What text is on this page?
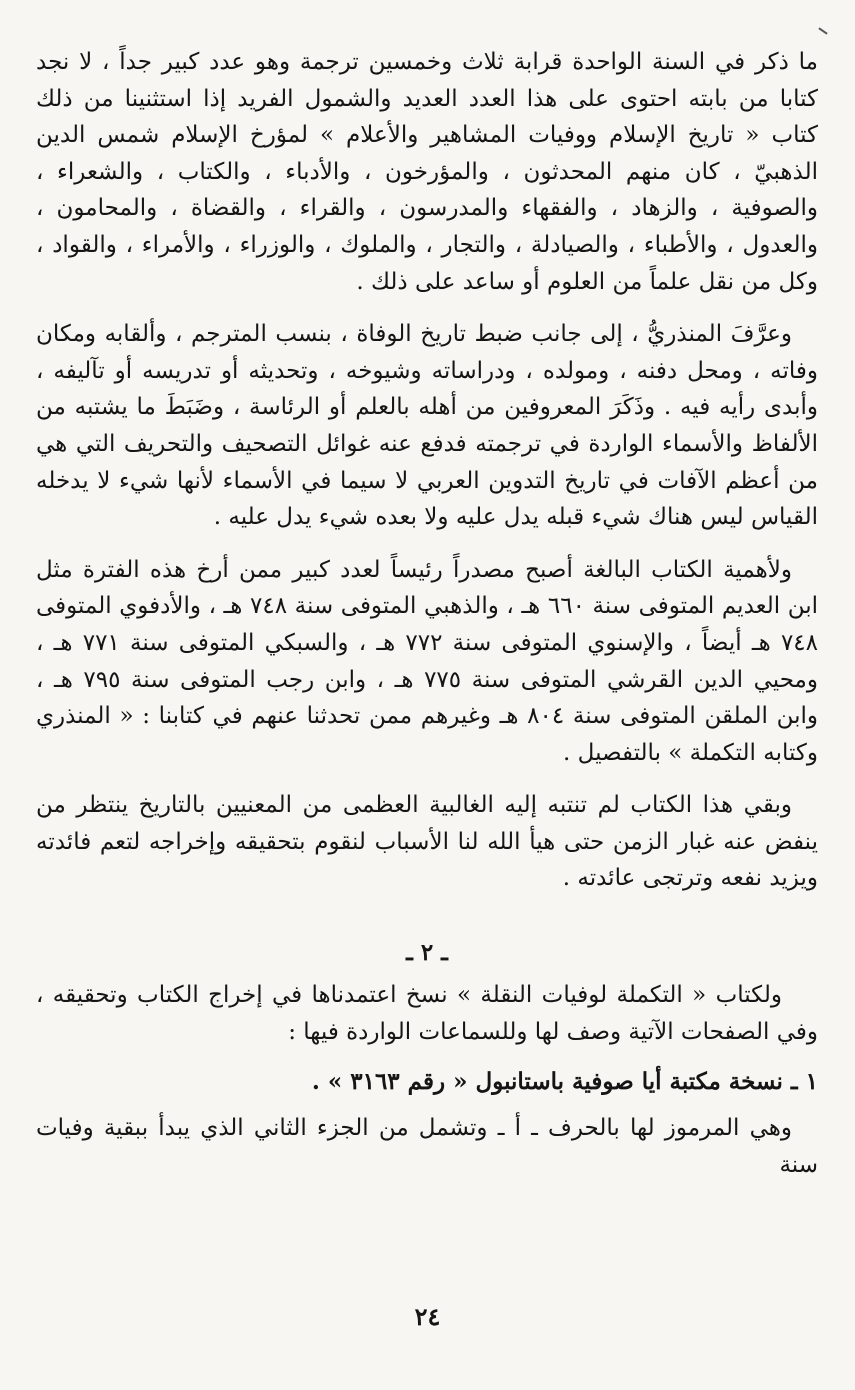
ما ذكر في السنة الواحدة قرابة ثلاث وخمسين ترجمة وهو عدد كبير جداً ، لا نجد كتابا من بابته احتوى على هذا العدد العديد والشمول الفريد إذا استثنينا من ذلك كتاب « تاريخ الإسلام ووفيات المشاهير والأعلام » لمؤرخ الإسلام شمس الدين الذهبيّ ، كان منهم المحدثون ، والمؤرخون ، والأدباء ، والكتاب ، والشعراء ، والصوفية ، والزهاد ، والفقهاء والمدرسون ، والقراء ، والقضاة ، والمحامون ، والعدول ، والأطباء ، والصيادلة ، والتجار ، والملوك ، والوزراء ، والأمراء ، والقواد ، وكل من نقل علماً من العلوم أو ساعد على ذلك .

وعرَّفَ المنذريُّ ، إلى جانب ضبط تاريخ الوفاة ، بنسب المترجم ، وألقابه ومكان وفاته ، ومحل دفنه ، ومولده ، ودراساته وشيوخه ، وتحديثه أو تدريسه أو تآليفه ، وأبدى رأيه فيه . وذَكَرَ المعروفين من أهله بالعلم أو الرئاسة ، وضَبَطَ ما يشتبه من الألفاظ والأسماء الواردة في ترجمته فدفع عنه غوائل التصحيف والتحريف التي هي من أعظم الآفات في تاريخ التدوين العربي لا سيما في الأسماء لأنها شيء لا يدخله القياس ليس هناك شيء قبله يدل عليه ولا بعده شيء يدل عليه .

ولأهمية الكتاب البالغة أصبح مصدراً رئيساً لعدد كبير ممن أرخ هذه الفترة مثل ابن العديم المتوفى سنة ٦٦٠ هـ ، والذهبي المتوفى سنة ٧٤٨ هـ ، والأدفوي المتوفى ٧٤٨ هـ أيضاً ، والإسنوي المتوفى سنة ٧٧٢ هـ ، والسبكي المتوفى سنة ٧٧١ هـ ، ومحيي الدين القرشي المتوفى سنة ٧٧٥ هـ ، وابن رجب المتوفى سنة ٧٩٥ هـ ، وابن الملقن المتوفى سنة ٨٠٤ هـ وغيرهم ممن تحدثنا عنهم في كتابنا : « المنذري وكتابه التكملة » بالتفصيل .

وبقي هذا الكتاب لم تنتبه إليه الغالبية العظمى من المعنيين بالتاريخ ينتظر من ينفض عنه غبار الزمن حتى هيأ الله لنا الأسباب لنقوم بتحقيقه وإخراجه لتعم فائدته ويزيد نفعه وترتجى عائدته .

ـ ٢ ـ

ولكتاب « التكملة لوفيات النقلة » نسخ اعتمدناها في إخراج الكتاب وتحقيقه ، وفي الصفحات الآتية وصف لها وللسماعات الواردة فيها :

١ ـ نسخة مكتبة أيا صوفية باستانبول « رقم ٣١٦٣ » .

وهي المرموز لها بالحرف ـ أ ـ وتشمل من الجزء الثاني الذي يبدأ ببقية وفيات سنة

٢٤
